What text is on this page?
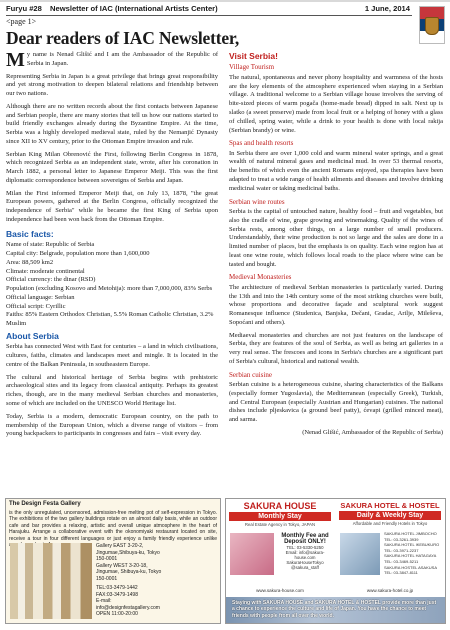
Furyu #28 Newsletter of IAC (International Artists Center)	1 June, 2014
<page 1>
Dear readers of IAC Newsletter,

My name is Nenad Glišić and I am the Ambassador of the Republic of Serbia in Japan.

Representing Serbia in Japan is a great privilege that brings great responsibility and yet strong motivation to deepen bilateral relations and friendship between our two nations.

Although there are no written records about the first contacts between Japanese and Serbian people, there are many stories that tell us how our nations started to build friendly exchanges already during the Byzantine Empire. At the time, Serbia was a highly developed medieval state, ruled by the Nemanjić Dynasty since XII to XV century, prior to the Ottoman Empire invasion and rule.

Serbian King Milan Obrenović the First, following Berlin Congress in 1878, which recognized Serbia as an independent state, wrote, after his coronation in March 1882, a personal letter to Japanese Emperor Meiji. This was the first diplomatic correspondence between sovereigns of Serbia and Japan.

Milan the First informed Emperor Meiji that, on July 13, 1878, "the great European powers, gathered at the Berlin Congress, officially recognized the independence of Serbia" while he became the first King of Serbia upon independence had been won back from the Ottoman Empire.

Basic facts:
Name of state: Republic of Serbia
Capital city: Belgrade, population more than 1,600,000
Area: 88,509 km2
Climate: moderate continental
Official currency: the dinar (RSD)
Population (excluding Kosovo and Metohija): more than 7,000,000, 83% Serbs
Official language: Serbian
Official script: Cyrillic
Faiths: 85% Eastern Orthodox Christian, 5.5% Roman Catholic Christian, 3.2% Muslim
About Serbia

Serbia has connected West with East for centuries – a land in which civilisations, cultures, faiths, climates and landscapes meet and mingle. It is located in the centre of the Balkan Peninsula, in southeastern Europe.

The cultural and historical heritage of Serbia begins with prehistoric archaeological sites and its legacy from classical antiquity. Perhaps its greatest riches, though, are in the many medieval Serbian churches and monasteries, some of which are included on the UNESCO World Heritage list.

Today, Serbia is a modern, democratic European country, on the path to membership of the European Union, which a diverse range of visitors – from young backpackers to participants in congresses and fairs – visit every day.

Visit Serbia!
Village Tourism

The natural, spontaneous and never phony hospitality and warmness of the hosts are the key elements of the atmosphere experienced when staying in a Serbian village. A traditional welcome to a Serbian village house involves the serving of bite-sized pieces of warm pogača (home-made bread) dipped in salt. Next up is slatko (a sweet preserve) made from local fruit or a helping of honey with a glass of chilled, spring water, while a drink to your health is done with local rakija (Serbian brandy) or wine.

Spas and health resorts

In Serbia there are over 1,000 cold and warm mineral water springs, and a great wealth of natural mineral gases and medicinal mud. In over 53 thermal resorts, the benefits of which even the ancient Romans enjoyed, spa therapies have been adapted to treat a wide range of health ailments and diseases and involve drinking medicinal water or taking medicinal baths.

Serbian wine routes

Serbia is the capital of untouched nature, healthy food – fruit and vegetables, but also the cradle of wine, grape growing and winemaking. Quality of the wines of Serbia rests, among other things, on a large number of small producers. Understandably, their wine production is not so large and the sales are done in a limited number of places, but the emphasis is on quality. Each wine region has at least one wine route, which follows local roads to the place where wine can be tasted and bought.

Medieval Monasteries

The architecture of medieval Serbian monasteries is particularly varied. During the 13th and into the 14th century some of the most striking churches were built, whose proportions and decorative façade and sculptural work suggest Romanesque influence (Studenica, Banjska, Dečani, Gradac, Arilje, Mileševa, Sopoćani and others).

Mediaeval monasteries and churches are not just features on the landscape of Serbia, they are features of the soul of Serbia, as well as being art galleries in a very real sense. The frescoes and icons in Serbia's churches are a significant part of Serbia's cultural, historical and national wealth.

Serbian cuisine

Serbian cuisine is a heterogeneous cuisine, sharing characteristics of the Balkans (especially former Yugoslavia), the Mediterranean (especially Greek), Turkish, and Central European (especially Austrian and Hungarian) cuisines. The national dishes include pljeskavica (a ground beef patty), ćevapi (grilled minced meat), and sarma.

(Nenad Glišić, Ambassador of the Republic of Serbia)
The Design Festa Gallery
is the only unregulated, uncensored, admission-free melting pot of self-expression in Tokyo. The exhibitions of the two gallery buildings rotate on an almost daily basis, while an outdoor cafe and bar provides a relaxing, artistic and overall unique atmosphere in the heart of Harajuku. Arrange a collaborative event with the okonomiyaki restaurant located on site, receive a tour in four different languages or just enjoy a family friendly experience unlike
Gallery EAST 3-20-2,
Jingumae,Shibuya-ku, Tokyo
150-0001
Gallery WEST 3-20-18,
Jingumae, Shibuya-ku, Tokyo
150-0001
TEL:03-3479-1442
FAX:03-3479-1498
E-mail:
info@designfestagallery.com
OPEN 11:00-20:00
SAKURA HOUSE
Monthly Stay
Real Estate Agency in Tokyo, JAPAN
Monthly Fee and Deposit ONLY!
TEL: 03-5330-5250
Email: info@sakura-house.com
SakuraHouseTokyo
@sakura_staff
www.sakura-house.com
SAKURA HOTEL & HOSTEL
Daily & Weekly Stay
Affordable and Friendly Hotels in Tokyo
SAKURA HOTEL JIMBOCHO
TEL: 03-3261-3939
SAKURA HOTEL IKEBUKURO
TEL: 03-3971-2237
SAKURA HOTEL HATAGAYA
TEL: 03-3469-5211
SAKURA HOSTEL ASAKUSA
TEL: 03-3847-8111
www.sakura-hotel.co.jp
Staying with SAKURA HOUSE and SAKURA HOTEL & HOSTEL provide more than just a chance to experience the culture and life of Japan. You have the chance to meet friends with people from all over the world.
